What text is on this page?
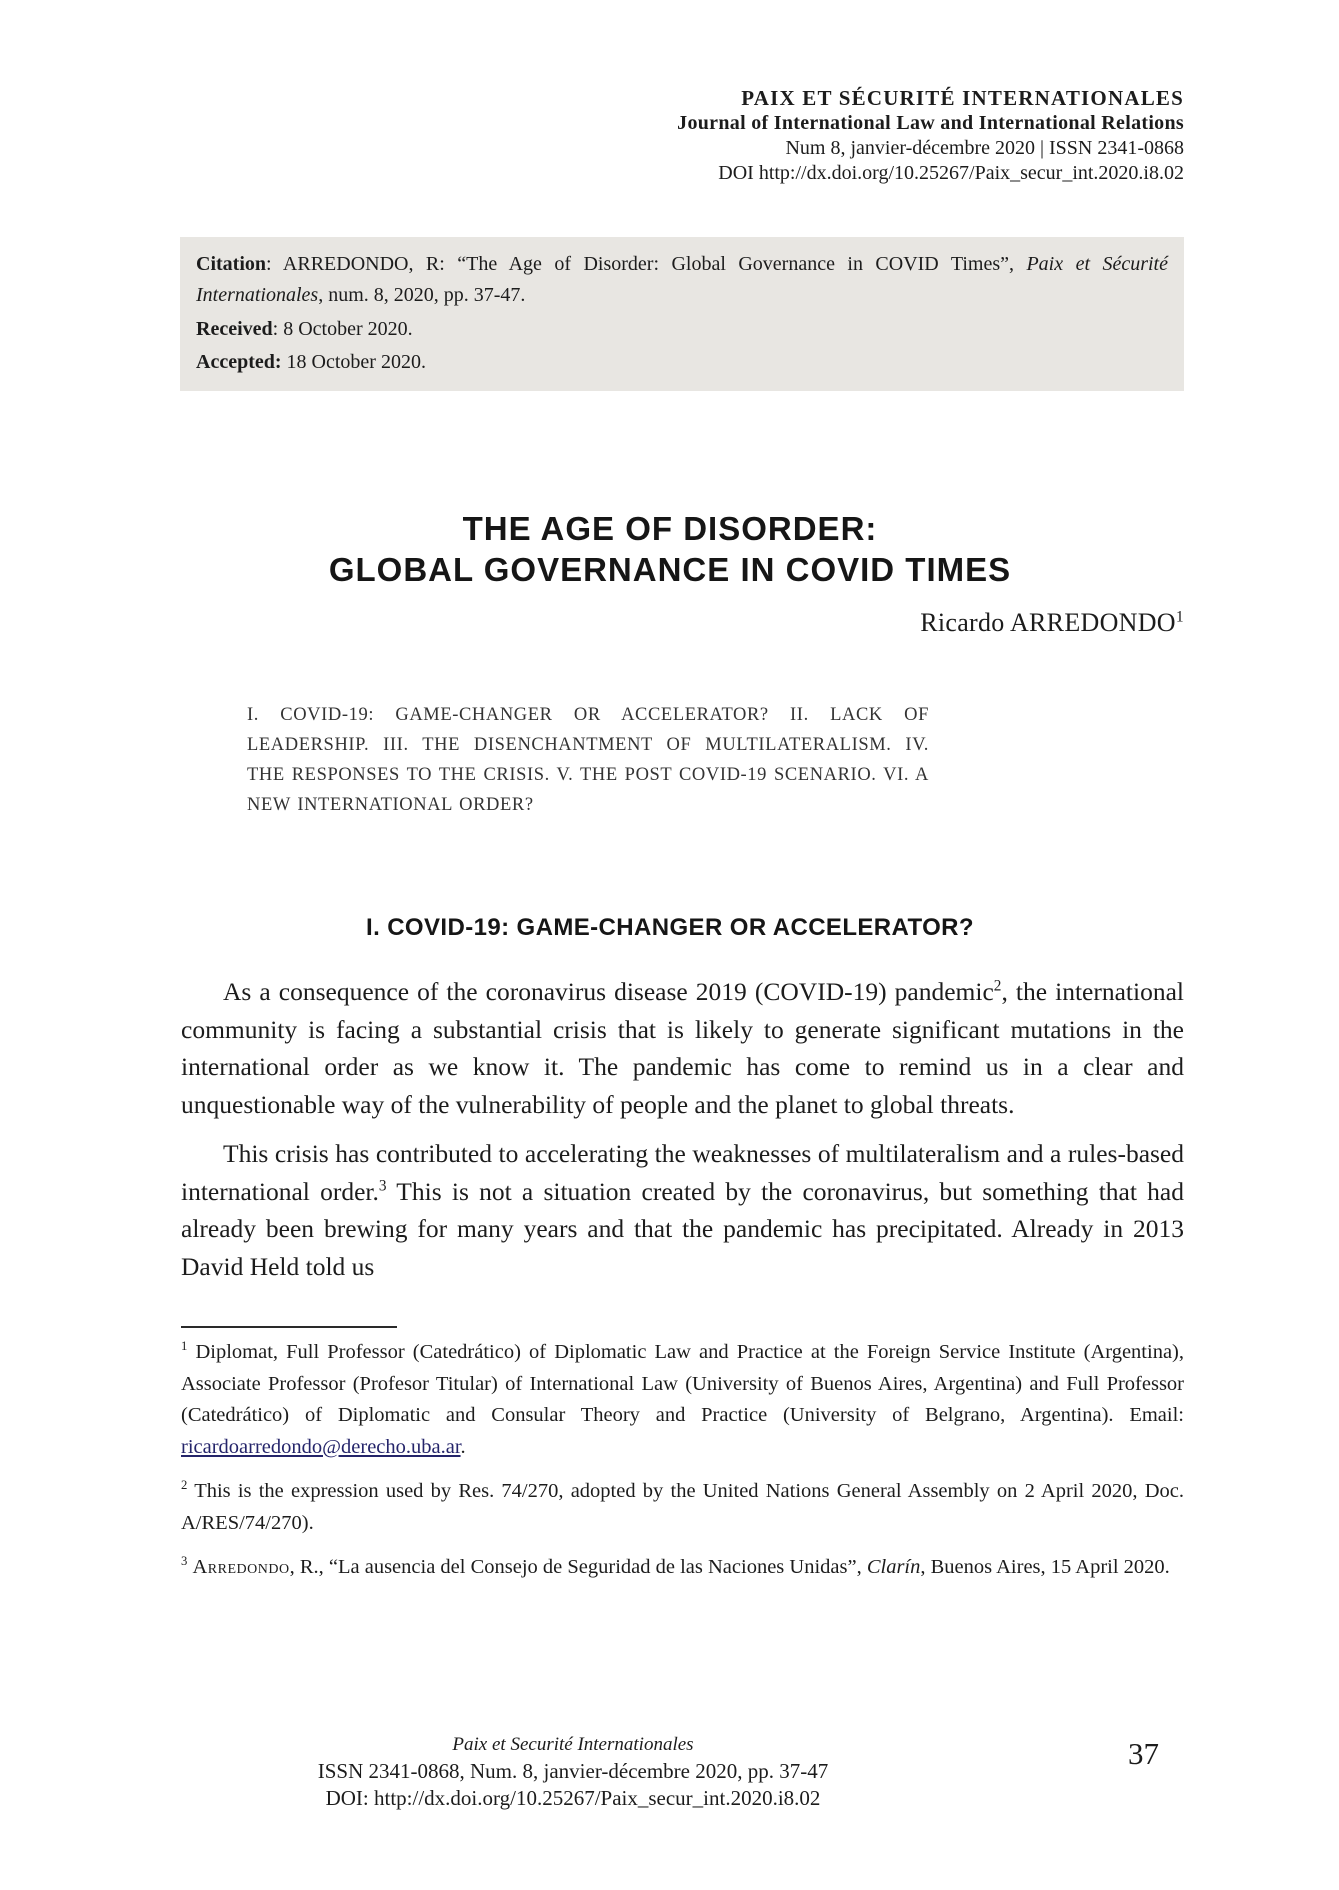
PAIX ET SÉCURITÉ INTERNATIONALES
Journal of International Law and International Relations
Num 8, janvier-décembre 2020 | ISSN 2341-0868
DOI http://dx.doi.org/10.25267/Paix_secur_int.2020.i8.02

Citation: ARREDONDO, R: “The Age of Disorder: Global Governance in COVID Times”, Paix et Sécurité Internationales, num. 8, 2020, pp. 37-47.

Received: 8 October 2020.

Accepted: 18 October 2020.

THE AGE OF DISORDER:
GLOBAL GOVERNANCE IN COVID TIMES
Ricardo ARREDONDO$^1$

I. COVID-19: GAME-CHANGER OR ACCELERATOR? II. LACK OF LEADERSHIP. III. THE DISENCHANTMENT OF MULTILATERALISM. IV. THE RESPONSES TO THE CRISIS. V. THE POST COVID-19 SCENARIO. VI. A NEW INTERNATIONAL ORDER?

I. COVID-19: GAME-CHANGER OR ACCELERATOR?

As a consequence of the coronavirus disease 2019 (COVID-19) pandemic$^2$, the international community is facing a substantial crisis that is likely to generate significant mutations in the international order as we know it. The pandemic has come to remind us in a clear and unquestionable way of the vulnerability of people and the planet to global threats.

This crisis has contributed to accelerating the weaknesses of multilateralism and a rules-based international order.$^3$ This is not a situation created by the coronavirus, but something that had already been brewing for many years and that the pandemic has precipitated. Already in 2013 David Held told us

$^1$ Diplomat, Full Professor (Catedrático) of Diplomatic Law and Practice at the Foreign Service Institute (Argentina), Associate Professor (Profesor Titular) of International Law (University of Buenos Aires, Argentina) and Full Professor (Catedrático) of Diplomatic and Consular Theory and Practice (University of Belgrano, Argentina). Email: ricardoarredondo@derecho.uba.ar.

$^2$ This is the expression used by Res. 74/270, adopted by the United Nations General Assembly on 2 April 2020, Doc. A/RES/74/270).

$^3$ Arredondo, R., “La ausencia del Consejo de Seguridad de las Naciones Unidas”, Clarín, Buenos Aires, 15 April 2020.

Paix et Securité Internationales
ISSN 2341-0868, Num. 8, janvier-décembre 2020, pp. 37-47
DOI: http://dx.doi.org/10.25267/Paix_secur_int.2020.i8.02
37
